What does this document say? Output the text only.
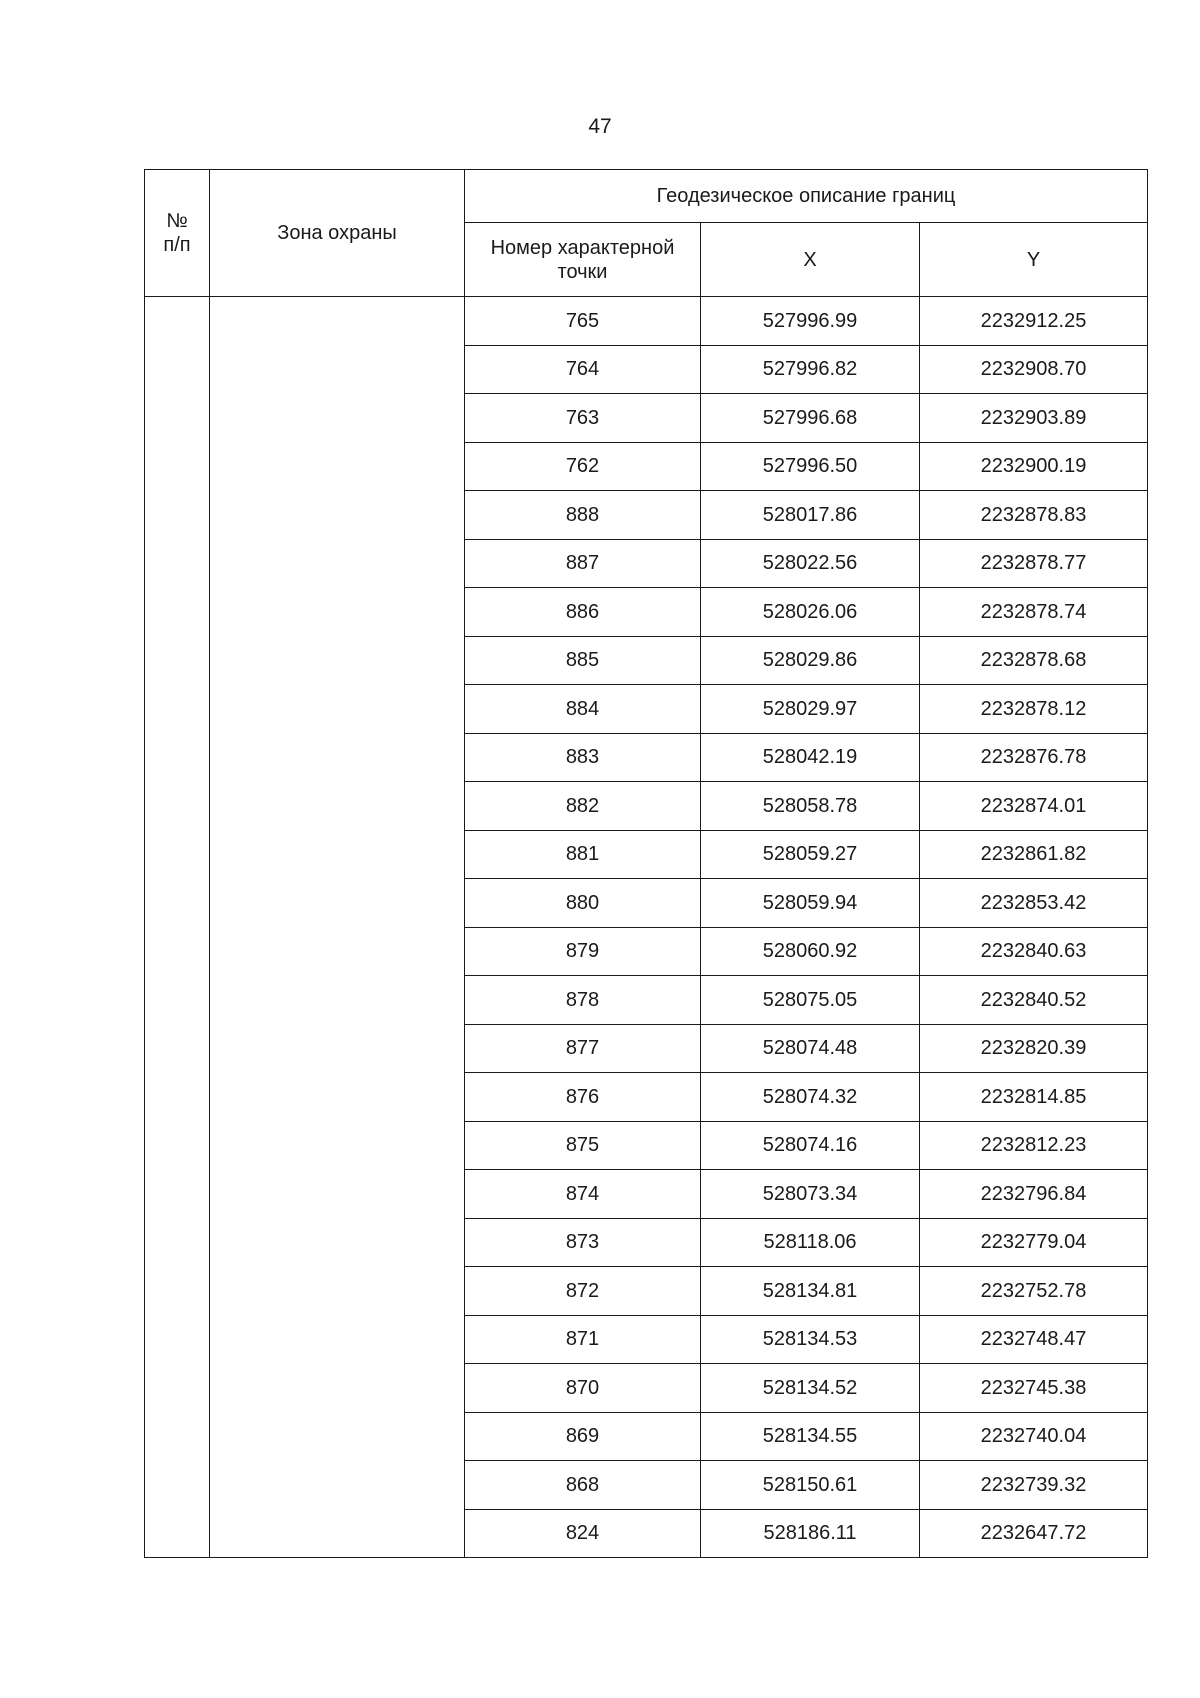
47
№
п/п	Зона охраны	Геодезическое описание границ		
		Номер характерной
точки	X	Y
		765	527996.99	2232912.25
		764	527996.82	2232908.70
		763	527996.68	2232903.89
		762	527996.50	2232900.19
		888	528017.86	2232878.83
		887	528022.56	2232878.77
		886	528026.06	2232878.74
		885	528029.86	2232878.68
		884	528029.97	2232878.12
		883	528042.19	2232876.78
		882	528058.78	2232874.01
		881	528059.27	2232861.82
		880	528059.94	2232853.42
		879	528060.92	2232840.63
		878	528075.05	2232840.52
		877	528074.48	2232820.39
		876	528074.32	2232814.85
		875	528074.16	2232812.23
		874	528073.34	2232796.84
		873	528118.06	2232779.04
		872	528134.81	2232752.78
		871	528134.53	2232748.47
		870	528134.52	2232745.38
		869	528134.55	2232740.04
		868	528150.61	2232739.32
		824	528186.11	2232647.72
